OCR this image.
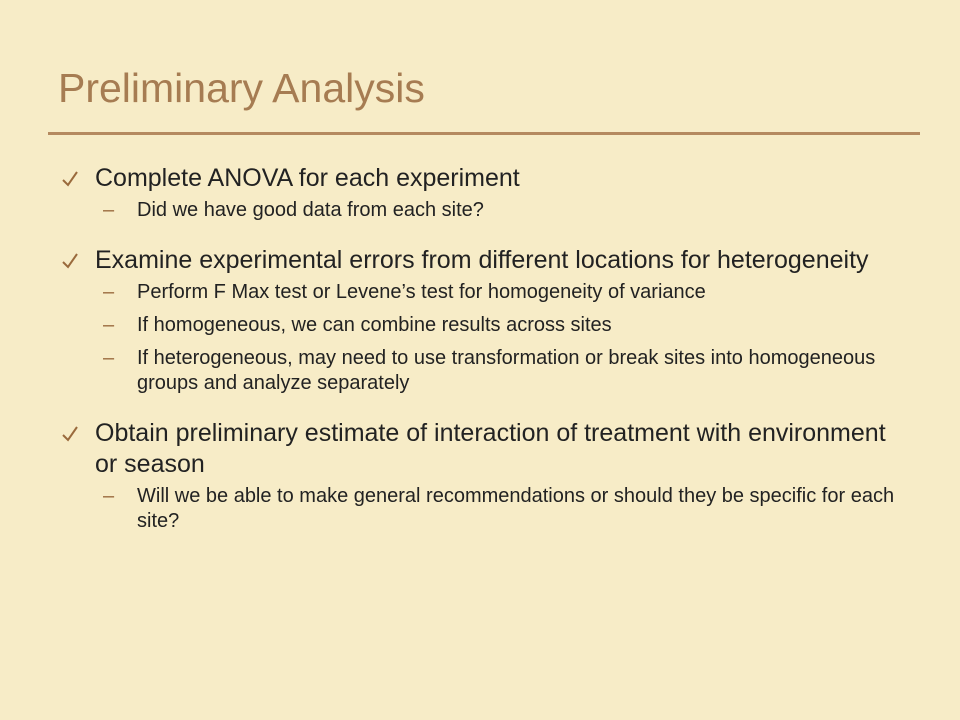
Preliminary Analysis
Complete ANOVA for each experiment
– Did we have good data from each site?
Examine experimental errors from different locations for heterogeneity
– Perform F Max test or Levene’s test for homogeneity of variance
– If homogeneous, we can combine results across sites
– If heterogeneous, may need to use transformation or break sites into homogeneous groups and analyze separately
Obtain preliminary estimate of interaction of treatment with environment or season
– Will we be able to make general recommendations or should they be specific for each site?
